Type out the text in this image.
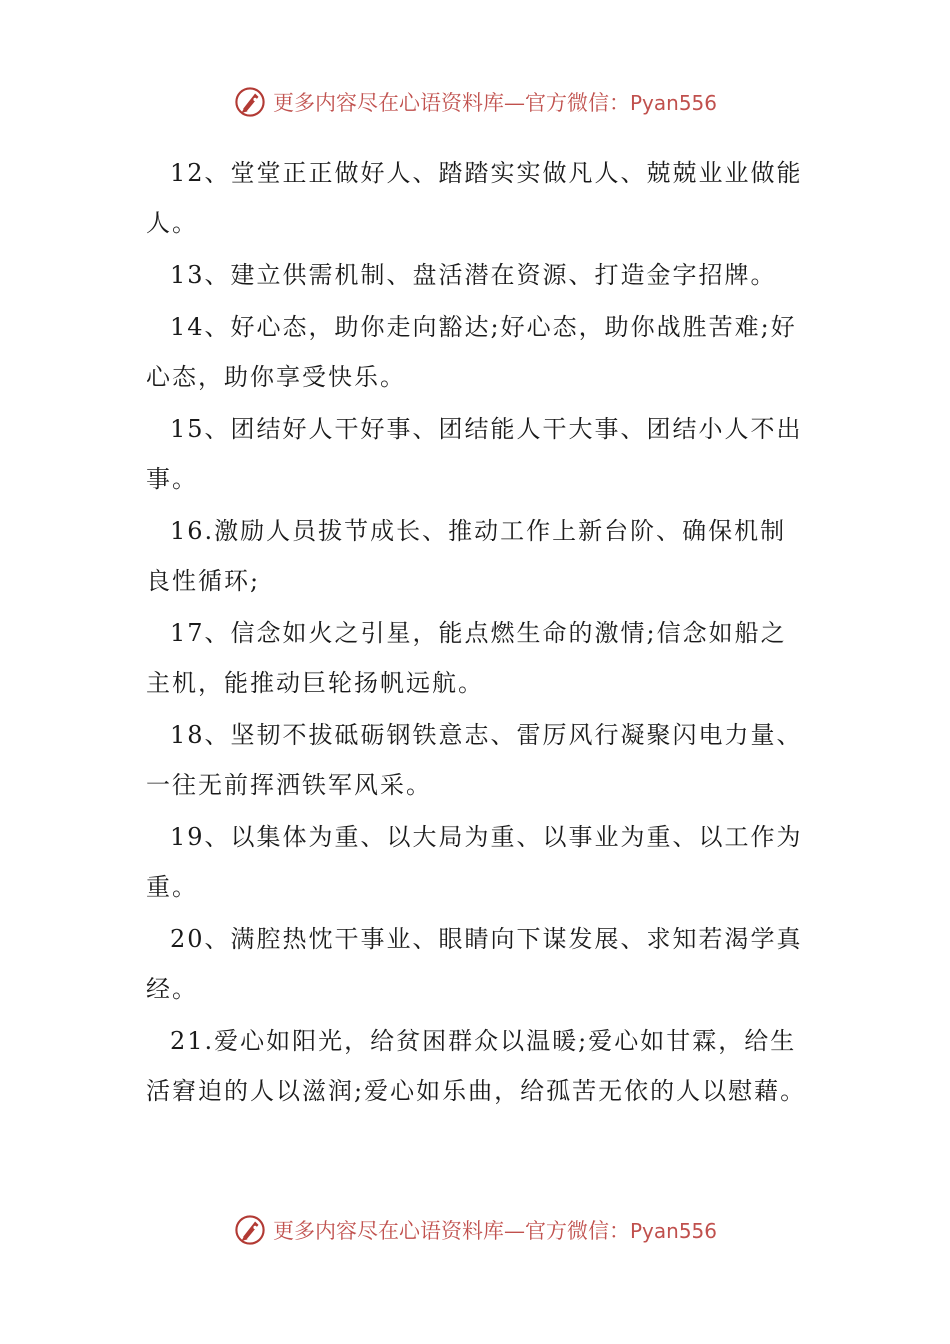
更多内容尽在心语资料库—官方微信：Pyan556

12、堂堂正正做好人、踏踏实实做凡人、兢兢业业做能人。

13、建立供需机制、盘活潜在资源、打造金字招牌。

14、好心态，助你走向豁达;好心态，助你战胜苦难;好心态，助你享受快乐。

15、团结好人干好事、团结能人干大事、团结小人不出事。

16.激励人员拔节成长、推动工作上新台阶、确保机制良性循环;

17、信念如火之引星，能点燃生命的激情;信念如船之主机，能推动巨轮扬帆远航。

18、坚韧不拔砥砺钢铁意志、雷厉风行凝聚闪电力量、一往无前挥洒铁军风采。

19、以集体为重、以大局为重、以事业为重、以工作为重。

20、满腔热忱干事业、眼睛向下谋发展、求知若渴学真经。

21.爱心如阳光，给贫困群众以温暖;爱心如甘霖，给生活窘迫的人以滋润;爱心如乐曲，给孤苦无依的人以慰藉。

更多内容尽在心语资料库—官方微信：Pyan556
